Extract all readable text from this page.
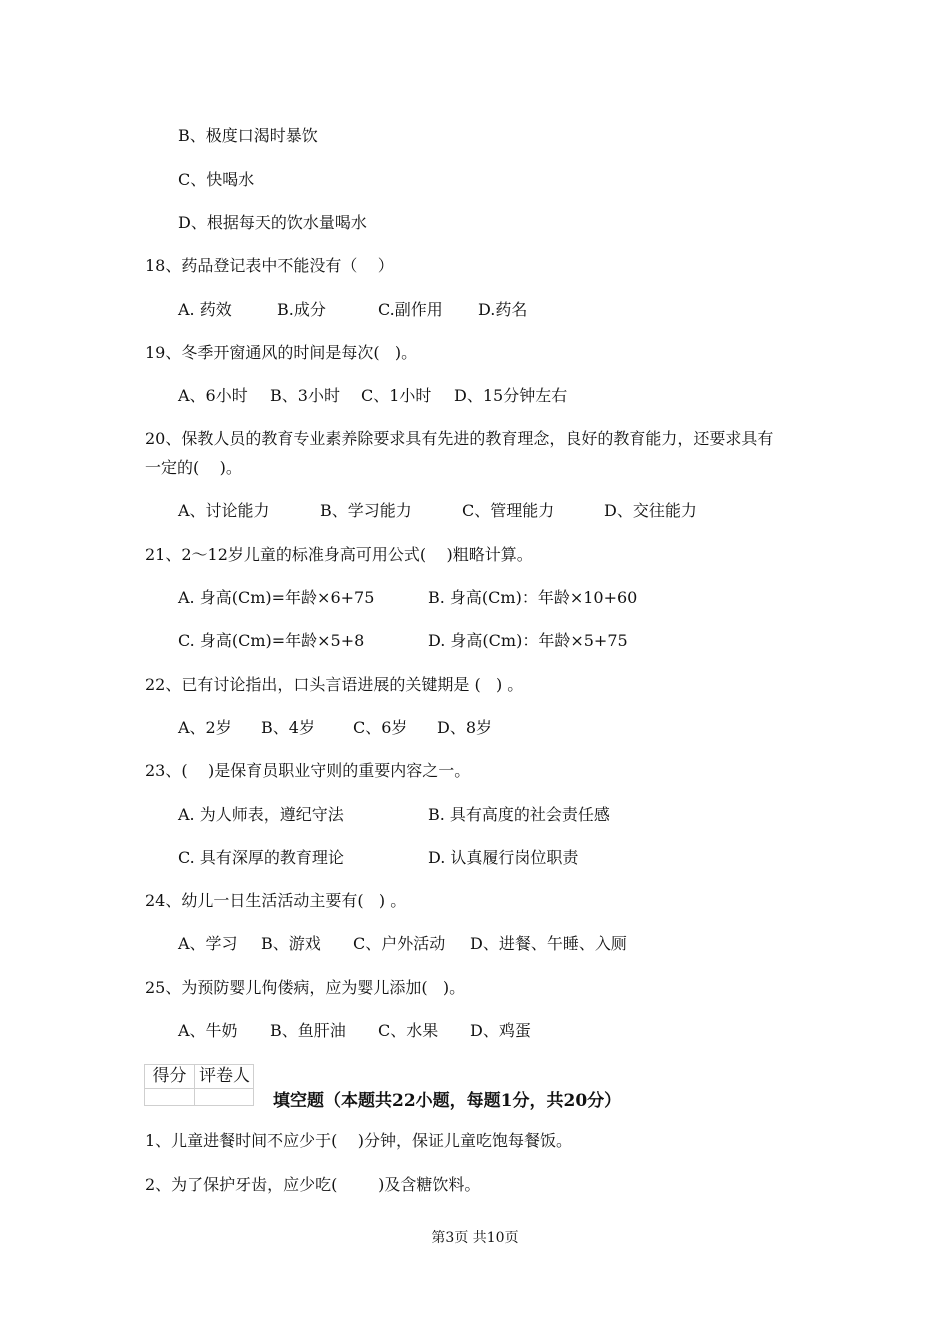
B、极度口渴时暴饮
C、快喝水
D、根据每天的饮水量喝水
18、药品登记表中不能没有（    ）
A. 药效	B.成分	C.副作用 D.药名
19、冬季开窗通风的时间是每次(   )。
A、6小时 B、3小时 C、1小时 D、15分钟左右
20、保教人员的教育专业素养除要求具有先进的教育理念，良好的教育能力，还要求具有
一定的(    )。
A、讨论能力	B、学习能力	C、管理能力	D、交往能力
21、2～12岁儿童的标准身高可用公式(    )粗略计算。
A. 身高(Cm)=年龄×6+75	B. 身高(Cm)：年龄×10+60
C. 身高(Cm)=年龄×5+8	D. 身高(Cm)：年龄×5+75
22、已有讨论指出，口头言语进展的关键期是 (   ) 。
A、2岁 B、4岁 C、6岁 D、8岁
23、(    )是保育员职业守则的重要内容之一。
A. 为人师表，遵纪守法	B. 具有高度的社会责任感
C. 具有深厚的教育理论	D. 认真履行岗位职责
24、幼儿一日生活活动主要有(   ) 。
A、学习 B、游戏 C、户外活动 D、进餐、午睡、入厕
25、为预防婴儿佝偻病，应为婴儿添加(   )。
A、牛奶 B、鱼肝油 C、水果 D、鸡蛋
得分 评卷人
填空题（本题共22小题，每题1分，共20分）
1、儿童进餐时间不应少于(    )分钟，保证儿童吃饱每餐饭。
2、为了保护牙齿，应少吃(        )及含糖饮料。
第3页 共10页
